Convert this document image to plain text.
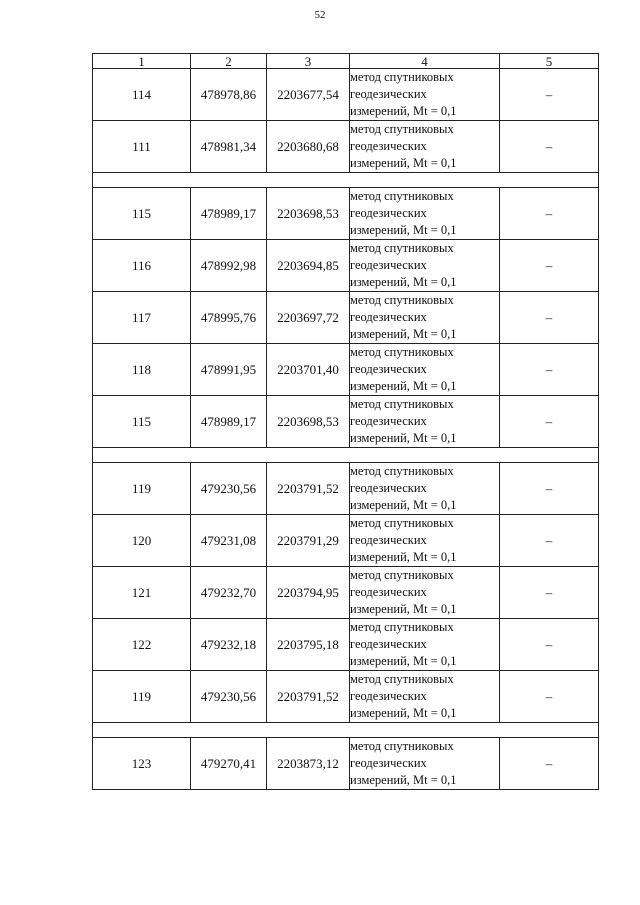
52
1	2	3	4	5
114	478978,86	2203677,54	метод спутниковых
геодезических
измерений, Mt = 0,1	–
111	478981,34	2203680,68	метод спутниковых
геодезических
измерений, Mt = 0,1	–

115	478989,17	2203698,53	метод спутниковых
геодезических
измерений, Mt = 0,1	–
116	478992,98	2203694,85	метод спутниковых
геодезических
измерений, Mt = 0,1	–
117	478995,76	2203697,72	метод спутниковых
геодезических
измерений, Mt = 0,1	–
118	478991,95	2203701,40	метод спутниковых
геодезических
измерений, Mt = 0,1	–
115	478989,17	2203698,53	метод спутниковых
геодезических
измерений, Mt = 0,1	–

119	479230,56	2203791,52	метод спутниковых
геодезических
измерений, Mt = 0,1	–
120	479231,08	2203791,29	метод спутниковых
геодезических
измерений, Mt = 0,1	–
121	479232,70	2203794,95	метод спутниковых
геодезических
измерений, Mt = 0,1	–
122	479232,18	2203795,18	метод спутниковых
геодезических
измерений, Mt = 0,1	–
119	479230,56	2203791,52	метод спутниковых
геодезических
измерений, Mt = 0,1	–

123	479270,41	2203873,12	метод спутниковых
геодезических
измерений, Mt = 0,1	–
